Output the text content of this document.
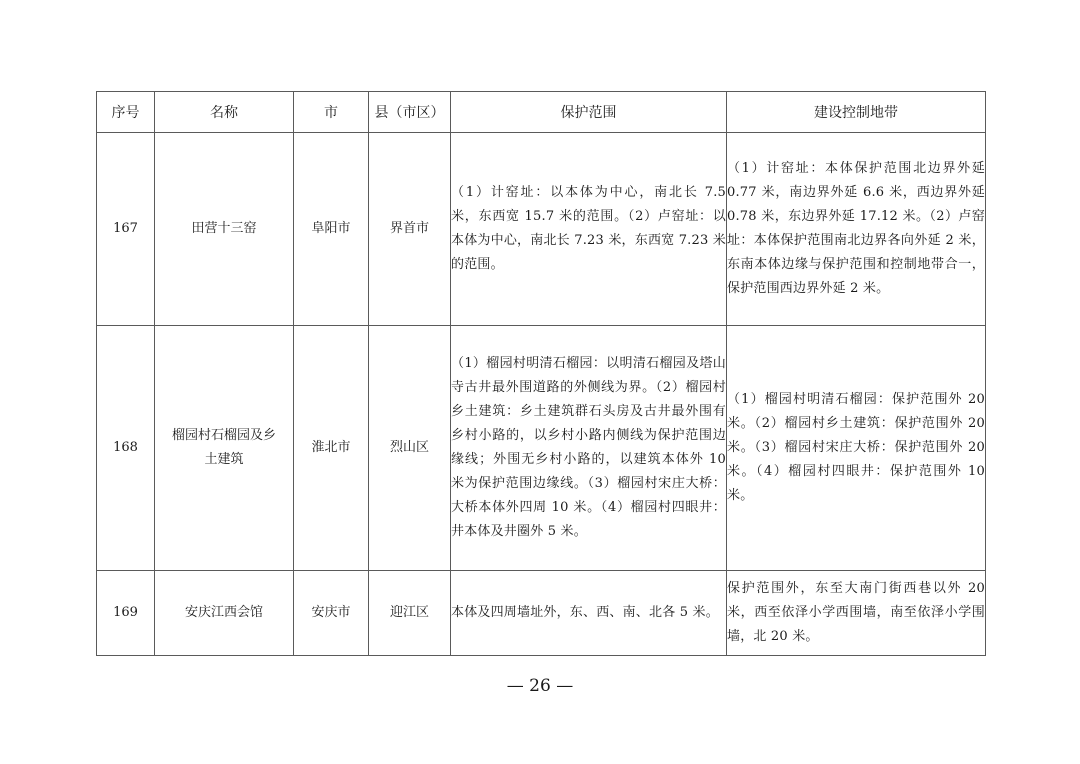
序号	名称	市	县（市区）	保护范围	建设控制地带
167	田营十三窑	阜阳市	界首市	（1）计窑址：以本体为中心，南北长 7.5 米，东西宽 15.7 米的范围。（2）卢窑址：以本体为中心，南北长 7.23 米，东西宽 7.23 米的范围。	（1）计窑址：本体保护范围北边界外延 0.77 米，南边界外延 6.6 米，西边界外延 0.78 米，东边界外延 17.12 米。（2）卢窑址：本体保护范围南北边界各向外延 2 米，东南本体边缘与保护范围和控制地带合一，保护范围西边界外延 2 米。
168	榴园村石榴园及乡土建筑	淮北市	烈山区	（1）榴园村明清石榴园：以明清石榴园及塔山寺古井最外围道路的外侧线为界。（2）榴园村乡土建筑：乡土建筑群石头房及古井最外围有乡村小路的，以乡村小路内侧线为保护范围边缘线；外围无乡村小路的，以建筑本体外 10 米为保护范围边缘线。（3）榴园村宋庄大桥：大桥本体外四周 10 米。（4）榴园村四眼井：井本体及井圈外 5 米。	（1）榴园村明清石榴园：保护范围外 20 米。（2）榴园村乡土建筑：保护范围外 20 米。（3）榴园村宋庄大桥：保护范围外 20 米。（4）榴园村四眼井：保护范围外 10 米。
169	安庆江西会馆	安庆市	迎江区	本体及四周墙址外，东、西、南、北各 5 米。	保护范围外，东至大南门街西巷以外 20 米，西至依泽小学西围墙，南至依泽小学围墙，北 20 米。
— 26 —
